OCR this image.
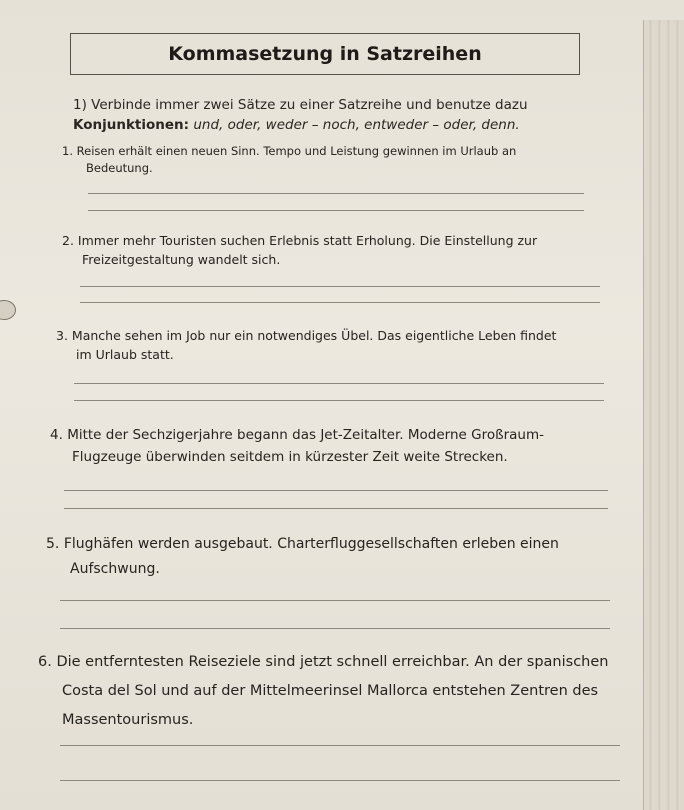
Kommasetzung in Satzreihen
1) Verbinde immer zwei Sätze zu einer Satzreihe und benutze dazu
Konjunktionen: und, oder, weder – noch, entweder – oder, denn.
1. Reisen erhält einen neuen Sinn. Tempo und Leistung gewinnen im Urlaub an
Bedeutung.
2. Immer mehr Touristen suchen Erlebnis statt Erholung. Die Einstellung zur
Freizeitgestaltung wandelt sich.
3. Manche sehen im Job nur ein notwendiges Übel. Das eigentliche Leben findet
im Urlaub statt.
4. Mitte der Sechzigerjahre begann das Jet-Zeitalter. Moderne Großraum-
Flugzeuge überwinden seitdem in kürzester Zeit weite Strecken.
5. Flughäfen werden ausgebaut. Charterfluggesellschaften erleben einen
Aufschwung.
6. Die entferntesten Reiseziele sind jetzt schnell erreichbar. An der spanischen
Costa del Sol und auf der Mittelmeerinsel Mallorca entstehen Zentren des
Massentourismus.
